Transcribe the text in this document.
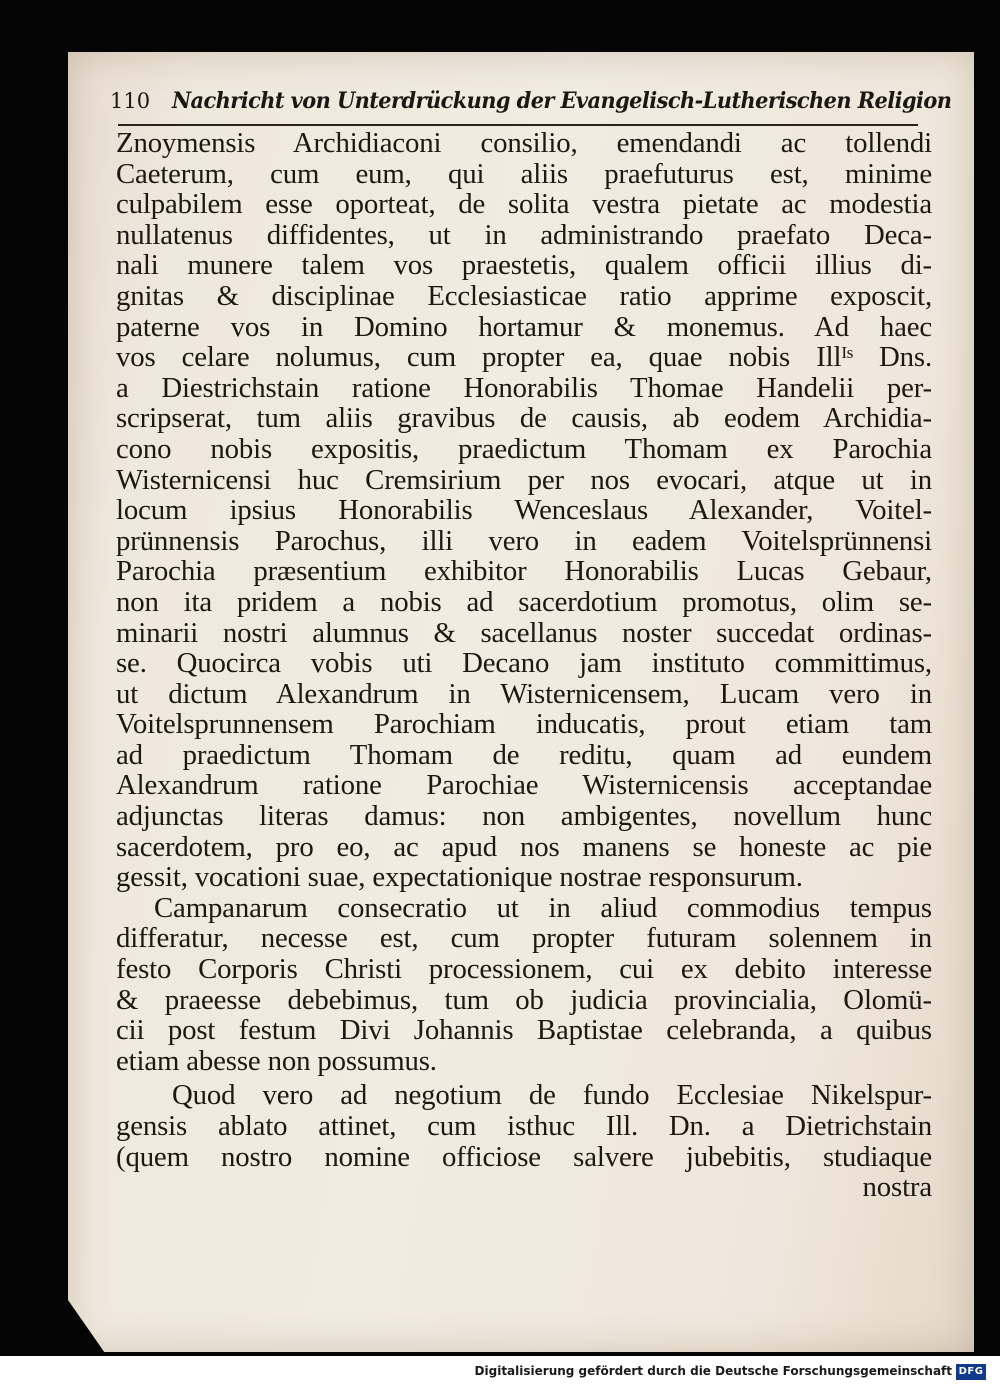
110 Nachricht von Unterdrückung der Evangelisch-Lutherischen Religion
Znoymensis Archidiaconi consilio, emendandi ac tollendi
Caeterum, cum eum, qui aliis praefuturus est, minime
culpabilem esse oporteat, de solita vestra pietate ac modestia
nullatenus diffidentes, ut in administrando praefato Deca-
nali munere talem vos praestetis, qualem officii illius di-
gnitas & disciplinae Ecclesiasticae ratio apprime exposcit,
paterne vos in Domino hortamur & monemus. Ad haec
vos celare nolumus, cum propter ea, quae nobis Illᴵˢ Dns.
a Diestrichstain ratione Honorabilis Thomae Handelii per-
scripserat, tum aliis gravibus de causis, ab eodem Archidia-
cono nobis expositis, praedictum Thomam ex Parochia
Wisternicensi huc Cremsirium per nos evocari, atque ut in
locum ipsius Honorabilis Wenceslaus Alexander, Voitel-
prünnensis Parochus, illi vero in eadem Voitelsprünnensi
Parochia præsentium exhibitor Honorabilis Lucas Gebaur,
non ita pridem a nobis ad sacerdotium promotus, olim se-
minarii nostri alumnus & sacellanus noster succedat ordinas-
se. Quocirca vobis uti Decano jam instituto committimus,
ut dictum Alexandrum in Wisternicensem, Lucam vero in
Voitelsprunnensem Parochiam inducatis, prout etiam tam
ad praedictum Thomam de reditu, quam ad eundem
Alexandrum ratione Parochiae Wisternicensis acceptandae
adjunctas literas damus: non ambigentes, novellum hunc
sacerdotem, pro eo, ac apud nos manens se honeste ac pie
gessit, vocationi suae, expectationique nostrae responsurum.
Campanarum consecratio ut in aliud commodius tempus
differatur, necesse est, cum propter futuram solennem in
festo Corporis Christi processionem, cui ex debito interesse
& praeesse debebimus, tum ob judicia provincialia, Olomü-
cii post festum Divi Johannis Baptistae celebranda, a quibus
etiam abesse non possumus.
Quod vero ad negotium de fundo Ecclesiae Nikelspur-
gensis ablato attinet, cum isthuc Ill. Dn. a Dietrichstain
(quem nostro nomine officiose salvere jubebitis, studiaque
nostra
Digitalisierung gefördert durch die Deutsche Forschungsgemeinschaft DFG
